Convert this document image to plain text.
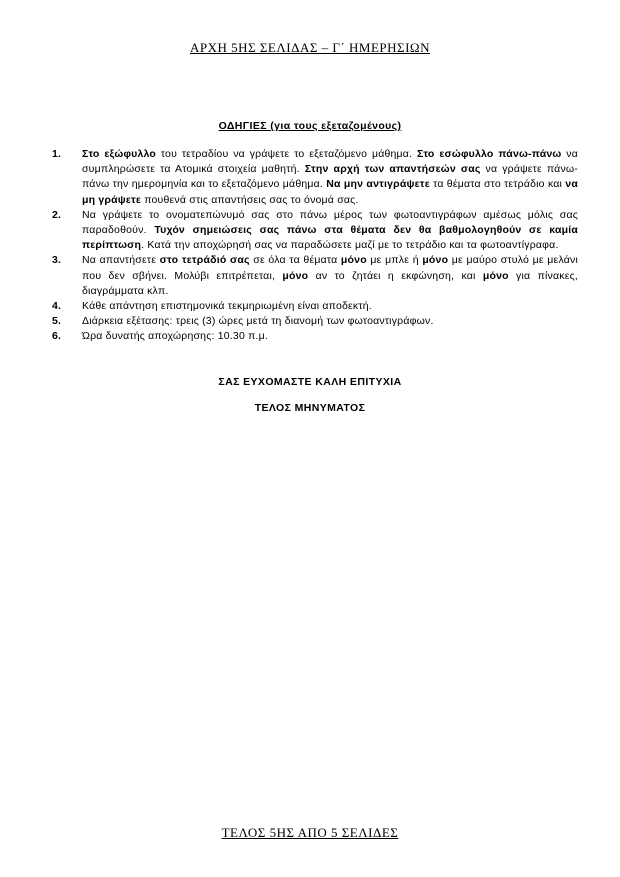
ΑΡΧΗ 5ΗΣ ΣΕΛΙΔΑΣ – Γ΄ ΗΜΕΡΗΣΙΩΝ
ΟΔΗΓΙΕΣ (για τους εξεταζομένους)
1.	Στο εξώφυλλο του τετραδίου να γράψετε το εξεταζόμενο μάθημα. Στο εσώφυλλο πάνω-πάνω να συμπληρώσετε τα Ατομικά στοιχεία μαθητή. Στην αρχή των απαντήσεών σας να γράψετε πάνω-πάνω την ημερομηνία και το εξεταζόμενο μάθημα. Να μην αντιγράψετε τα θέματα στο τετράδιο και να μη γράψετε πουθενά στις απαντήσεις σας το όνομά σας.
2.	Να γράψετε το ονοματεπώνυμό σας στο πάνω μέρος των φωτοαντιγράφων αμέσως μόλις σας παραδοθούν. Τυχόν σημειώσεις σας πάνω στα θέματα δεν θα βαθμολογηθούν σε καμία περίπτωση. Κατά την αποχώρησή σας να παραδώσετε μαζί με το τετράδιο και τα φωτοαντίγραφα.
3.	Να απαντήσετε στο τετράδιό σας σε όλα τα θέματα μόνο με μπλε ή μόνο με μαύρο στυλό με μελάνι που δεν σβήνει. Μολύβι επιτρέπεται, μόνο αν το ζητάει η εκφώνηση, και μόνο για πίνακες, διαγράμματα κλπ.
4.	Κάθε απάντηση επιστημονικά τεκμηριωμένη είναι αποδεκτή.
5.	Διάρκεια εξέτασης: τρεις (3) ώρες μετά τη διανομή των φωτοαντιγράφων.
6.	Ώρα δυνατής αποχώρησης: 10.30 π.μ.
ΣΑΣ ΕΥΧΟΜΑΣΤΕ ΚΑΛΗ ΕΠΙΤΥΧΙΑ
ΤΕΛΟΣ ΜΗΝΥΜΑΤΟΣ
ΤΕΛΟΣ 5ΗΣ ΑΠΟ 5 ΣΕΛΙΔΕΣ
